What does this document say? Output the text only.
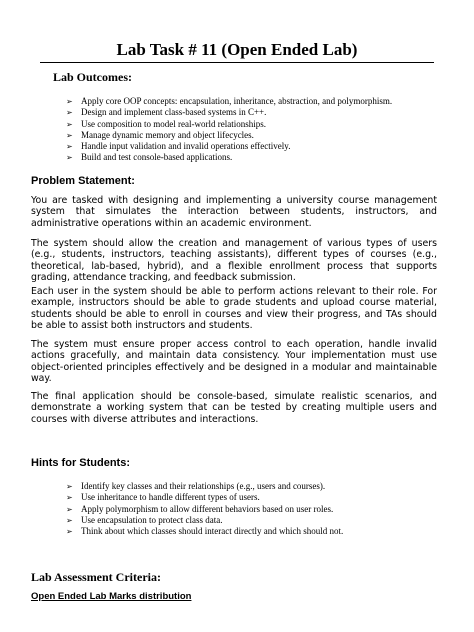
Lab Task # 11 (Open Ended Lab)
Lab Outcomes:
➢ Apply core OOP concepts: encapsulation, inheritance, abstraction, and polymorphism.
➢ Design and implement class-based systems in C++.
➢ Use composition to model real-world relationships.
➢ Manage dynamic memory and object lifecycles.
➢ Handle input validation and invalid operations effectively.
➢ Build and test console-based applications.
Problem Statement:

You are tasked with designing and implementing a university course management system that simulates the interaction between students, instructors, and administrative operations within an academic environment.

The system should allow the creation and management of various types of users (e.g., students, instructors, teaching assistants), different types of courses (e.g., theoretical, lab-based, hybrid), and a flexible enrollment process that supports grading, attendance tracking, and feedback submission.

Each user in the system should be able to perform actions relevant to their role. For example, instructors should be able to grade students and upload course material, students should be able to enroll in courses and view their progress, and TAs should be able to assist both instructors and students.

The system must ensure proper access control to each operation, handle invalid actions gracefully, and maintain data consistency. Your implementation must use object-oriented principles effectively and be designed in a modular and maintainable way.

The final application should be console-based, simulate realistic scenarios, and demonstrate a working system that can be tested by creating multiple users and courses with diverse attributes and interactions.

Hints for Students:
➢ Identify key classes and their relationships (e.g., users and courses).
➢ Use inheritance to handle different types of users.
➢ Apply polymorphism to allow different behaviors based on user roles.
➢ Use encapsulation to protect class data.
➢ Think about which classes should interact directly and which should not.
Lab Assessment Criteria:
Open Ended Lab Marks distribution
